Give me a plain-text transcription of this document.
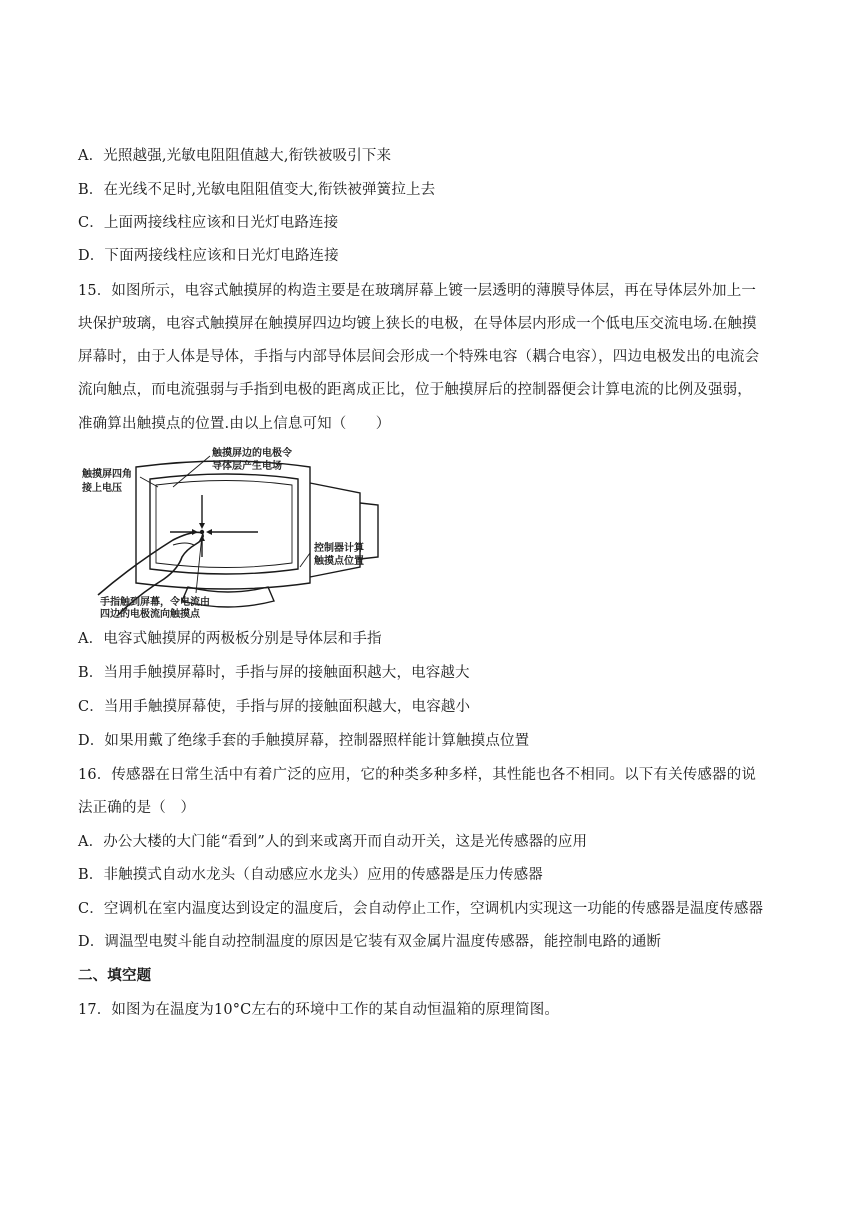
A．光照越强,光敏电阻阻值越大,衔铁被吸引下来
B．在光线不足时,光敏电阻阻值变大,衔铁被弹簧拉上去
C．上面两接线柱应该和日光灯电路连接
D．下面两接线柱应该和日光灯电路连接
15．如图所示，电容式触摸屏的构造主要是在玻璃屏幕上镀一层透明的薄膜导体层，再在导体层外加上一
块保护玻璃，电容式触摸屏在触摸屏四边均镀上狭长的电极，在导体层内形成一个低电压交流电场.在触摸
屏幕时，由于人体是导体，手指与内部导体层间会形成一个特殊电容（耦合电容），四边电极发出的电流会
流向触点，而电流强弱与手指到电极的距离成正比，位于触摸屏后的控制器便会计算电流的比例及强弱，
准确算出触摸点的位置.由以上信息可知（　　）
触摸屏四角
接上电压
触摸屏边的电极令
导体层产生电场
控制器计算
触摸点位置
手指触到屏幕，令电流由
四边的电极流向触摸点
A．电容式触摸屏的两极板分别是导体层和手指
B．当用手触摸屏幕时，手指与屏的接触面积越大，电容越大
C．当用手触摸屏幕使，手指与屏的接触面积越大，电容越小
D．如果用戴了绝缘手套的手触摸屏幕，控制器照样能计算触摸点位置
16．传感器在日常生活中有着广泛的应用，它的种类多种多样，其性能也各不相同。以下有关传感器的说
法正确的是（　）
A．办公大楼的大门能“看到”人的到来或离开而自动开关，这是光传感器的应用
B．非触摸式自动水龙头（自动感应水龙头）应用的传感器是压力传感器
C．空调机在室内温度达到设定的温度后，会自动停止工作，空调机内实现这一功能的传感器是温度传感器
D．调温型电熨斗能自动控制温度的原因是它装有双金属片温度传感器，能控制电路的通断
二、填空题
17．如图为在温度为10°C左右的环境中工作的某自动恒温箱的原理简图。
